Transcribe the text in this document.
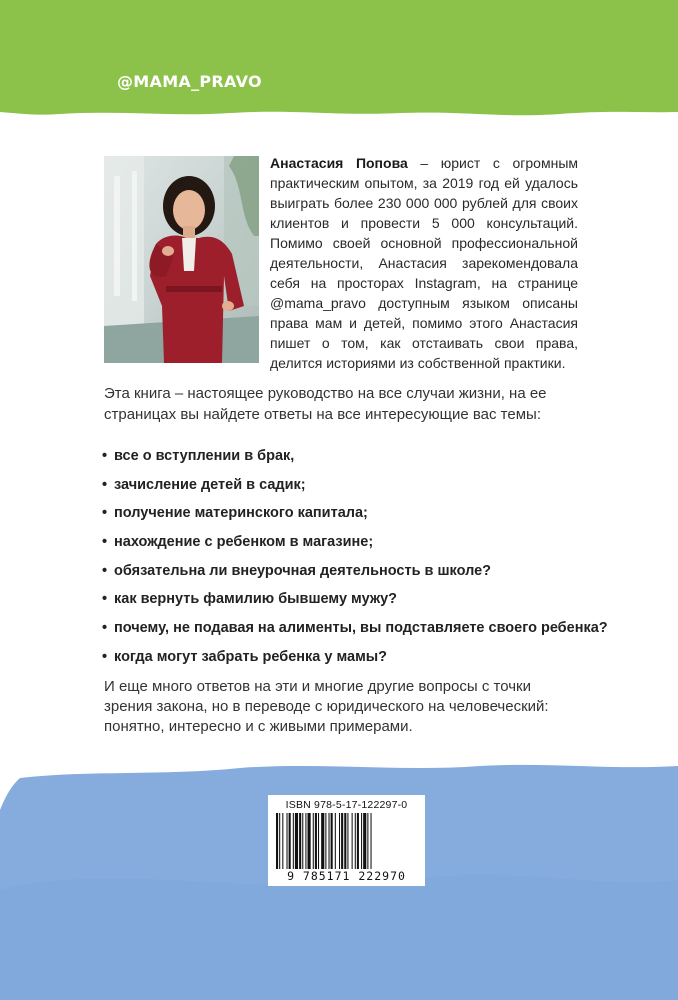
@MAMA_PRAVO
Анастасия Попова – юрист с огромным практическим опытом, за 2019 год ей удалось выиграть более 230 000 000 рублей для своих клиентов и провести 5 000 консультаций. Помимо своей основной профессиональной деятельности, Анастасия зарекомендовала себя на просторах Instagram, на странице @mama_pravo доступным языком описаны права мам и детей, помимо этого Анастасия пишет о том, как отстаивать свои права, делится историями из собственной практики.
Эта книга – настоящее руководство на все случаи жизни, на ее страницах вы найдете ответы на все интересующие вас темы:
• все о вступлении в брак,
• зачисление детей в садик;
• получение материнского капитала;
• нахождение с ребенком в магазине;
• обязательна ли внеурочная деятельность в школе?
• как вернуть фамилию бывшему мужу?
• почему, не подавая на алименты, вы подставляете своего ребенка?
• когда могут забрать ребенка у мамы?
И еще много ответов на эти и многие другие вопросы с точки зрения закона, но в переводе с юридического на человеческий: понятно, интересно и с живыми примерами.
ISBN 978-5-17-122297-0
9 785171 222970
